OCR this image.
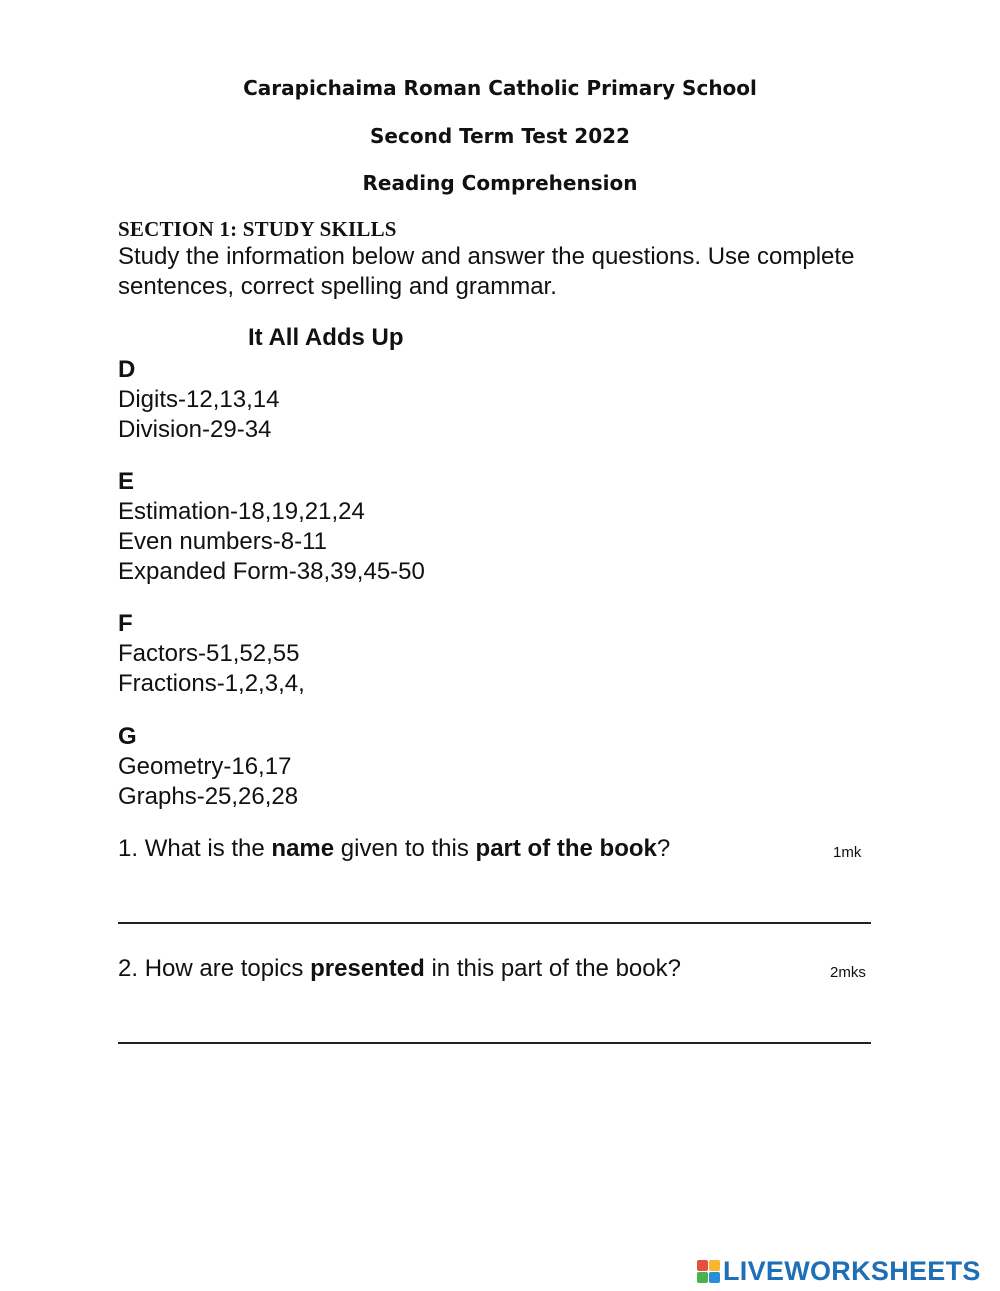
Carapichaima Roman Catholic Primary School
Second Term Test 2022
Reading Comprehension
SECTION 1: STUDY SKILLS
Study the information below and answer the questions. Use complete sentences, correct spelling and grammar.
It All Adds Up
D
Digits-12,13,14
Division-29-34
E
Estimation-18,19,21,24
Even numbers-8-11
Expanded Form-38,39,45-50
F
Factors-51,52,55
Fractions-1,2,3,4,
G
Geometry-16,17
Graphs-25,26,28
1. What is the name given to this part of the book?	1mk
2. How are topics presented in this part of the book?	2mks
LIVEWORKSHEETS
